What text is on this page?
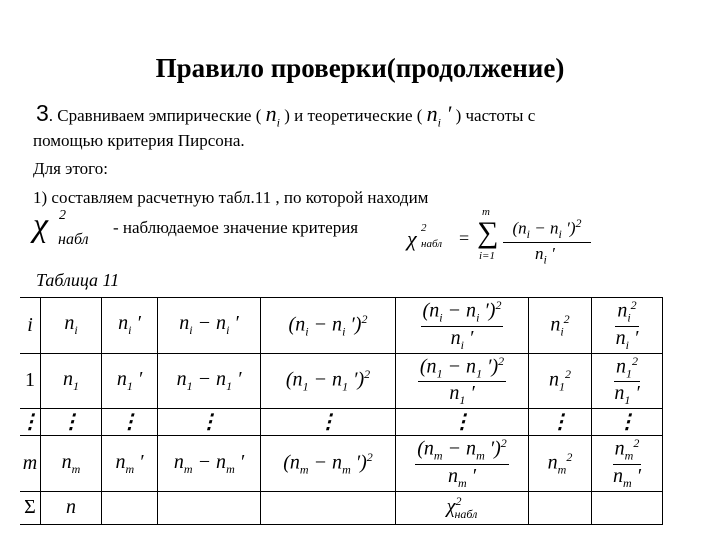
Правило проверки(продолжение)
3. Сравниваем эмпирические ( $n_i$ ) и теоретические ( $n_i$ ′ ) частоты с
помощью критерия Пирсона.
Для этого:
1) составляем расчетную табл.11 , по которой находим
χ 2
набл
- наблюдаемое значение критерия χ 2
набл =
m
∑
i=1
($n_i - n_i$ ′)$^2$
$n_i$ ′
Таблица 11
i	$n_i$	$n_i$ ′	$n_i - n_i$ ′	($n_i - n_i$ ′)$^2$	$\frac{(n_i - n_i ')^2}{n_i '}$	$n_i^2$	$\frac{n_i^2}{n_i '}$

1	$n_1$	$n_1$ ′	$n_1 - n_1$ ′	($n_1 - n_1$ ′)$^2$	$\frac{(n_1 - n_1 ')^2}{n_1 '}$	$n_1^2$	$\frac{n_1^2}{n_1 '}$

⋮	⋮	⋮	⋮	⋮	⋮	⋮	⋮
m	$n_m$	$n_m$ ′	$n_m - n_m$ ′	($n_m - n_m$ ′)$^2$	$\frac{(n_m - n_m ')^2}{n_m '}$	$n_m^2$	$\frac{n_m^2}{n_m '}$

Σ	n				$\chi^2_{набл}$		
